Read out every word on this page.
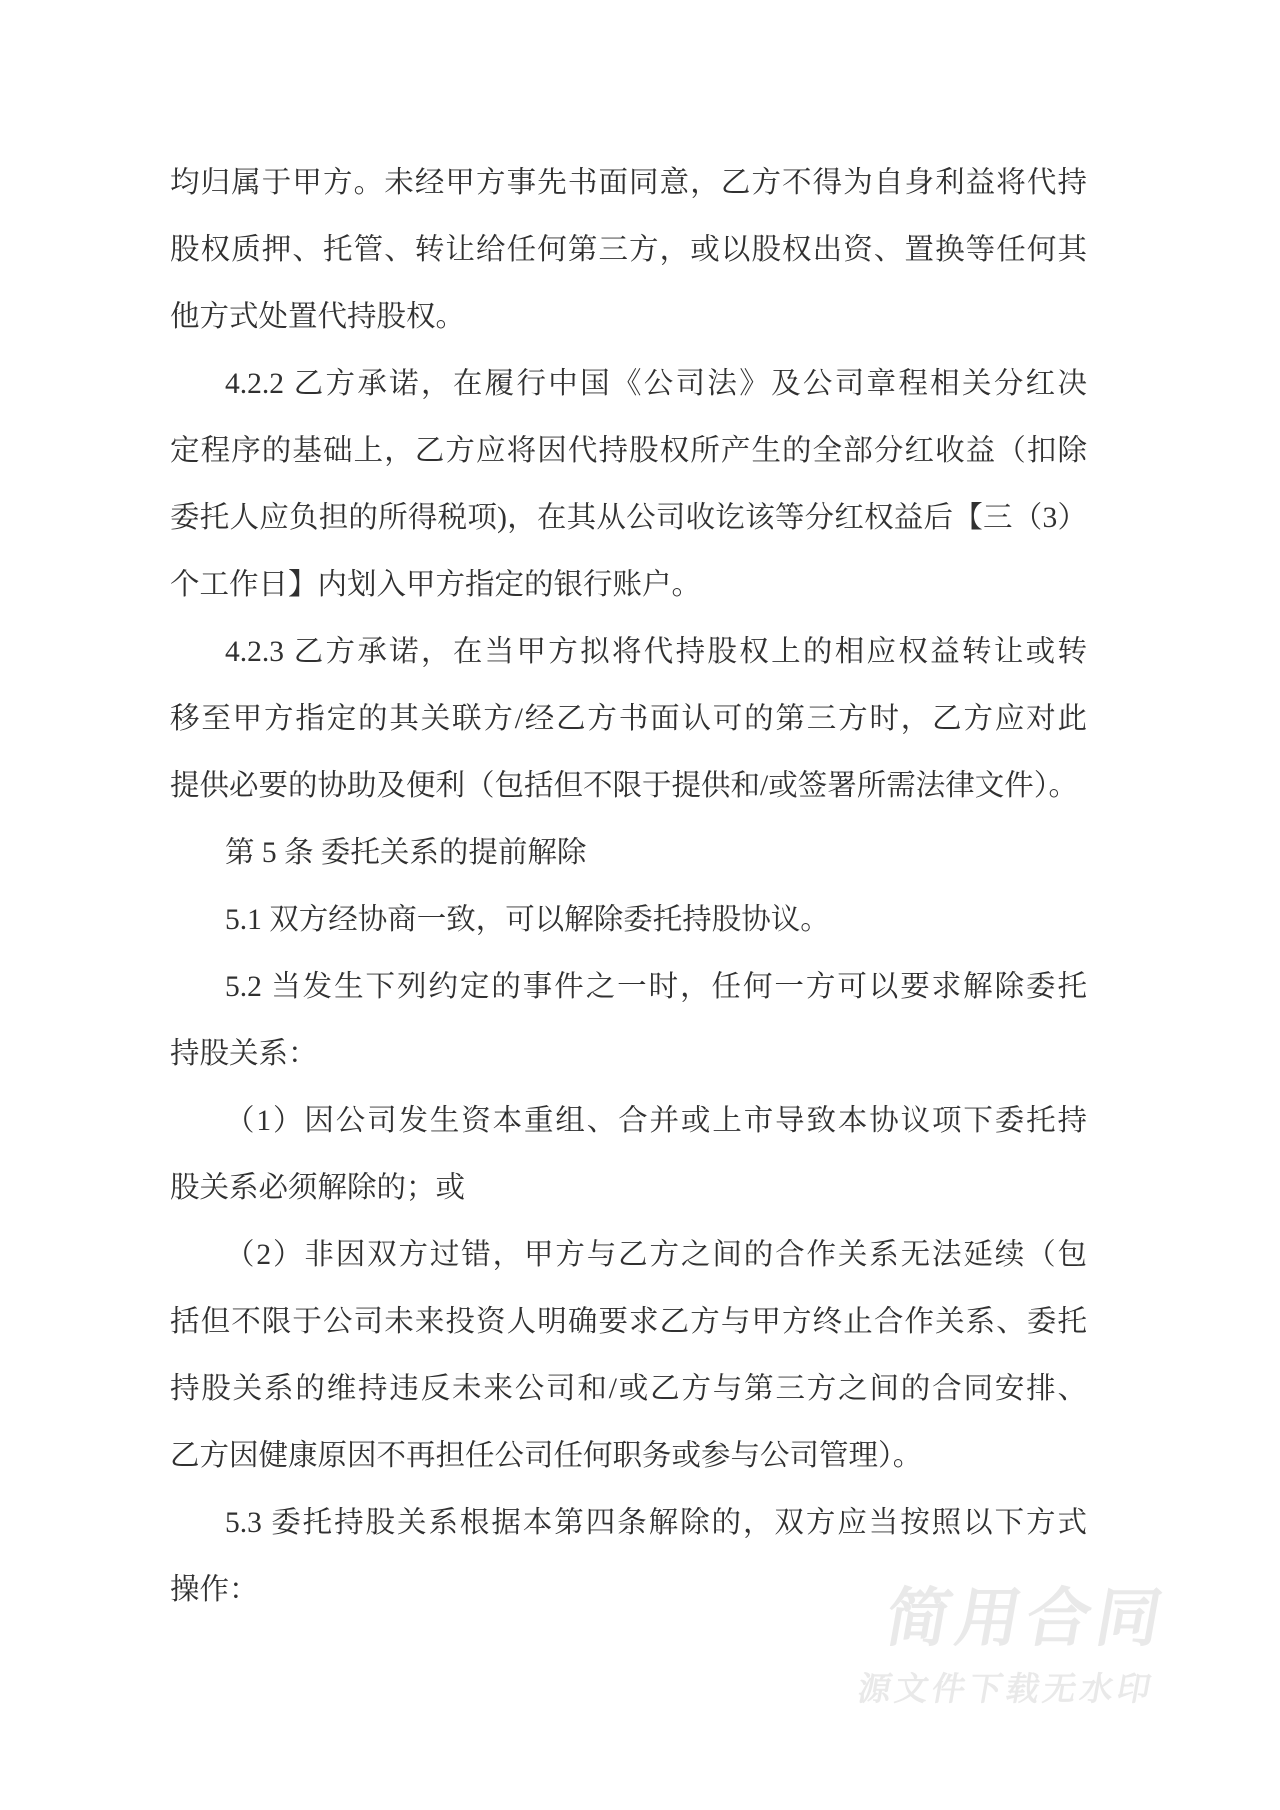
均归属于甲方。未经甲方事先书面同意，乙方不得为自身利益将代持
股权质押、托管、转让给任何第三方，或以股权出资、置换等任何其
他方式处置代持股权。
4.2.2 乙方承诺，在履行中国《公司法》及公司章程相关分红决
定程序的基础上，乙方应将因代持股权所产生的全部分红收益（扣除
委托人应负担的所得税项)，在其从公司收讫该等分红权益后【三（3）
个工作日】内划入甲方指定的银行账户。
4.2.3 乙方承诺，在当甲方拟将代持股权上的相应权益转让或转
移至甲方指定的其关联方/经乙方书面认可的第三方时，乙方应对此
提供必要的协助及便利（包括但不限于提供和/或签署所需法律文件）。
第 5 条 委托关系的提前解除
5.1 双方经协商一致，可以解除委托持股协议。
5.2 当发生下列约定的事件之一时，任何一方可以要求解除委托
持股关系：
（1）因公司发生资本重组、合并或上市导致本协议项下委托持
股关系必须解除的；或
（2）非因双方过错，甲方与乙方之间的合作关系无法延续（包
括但不限于公司未来投资人明确要求乙方与甲方终止合作关系、委托
持股关系的维持违反未来公司和/或乙方与第三方之间的合同安排、
乙方因健康原因不再担任公司任何职务或参与公司管理）。
5.3 委托持股关系根据本第四条解除的，双方应当按照以下方式
操作：	简用合同
源文件下载无水印
